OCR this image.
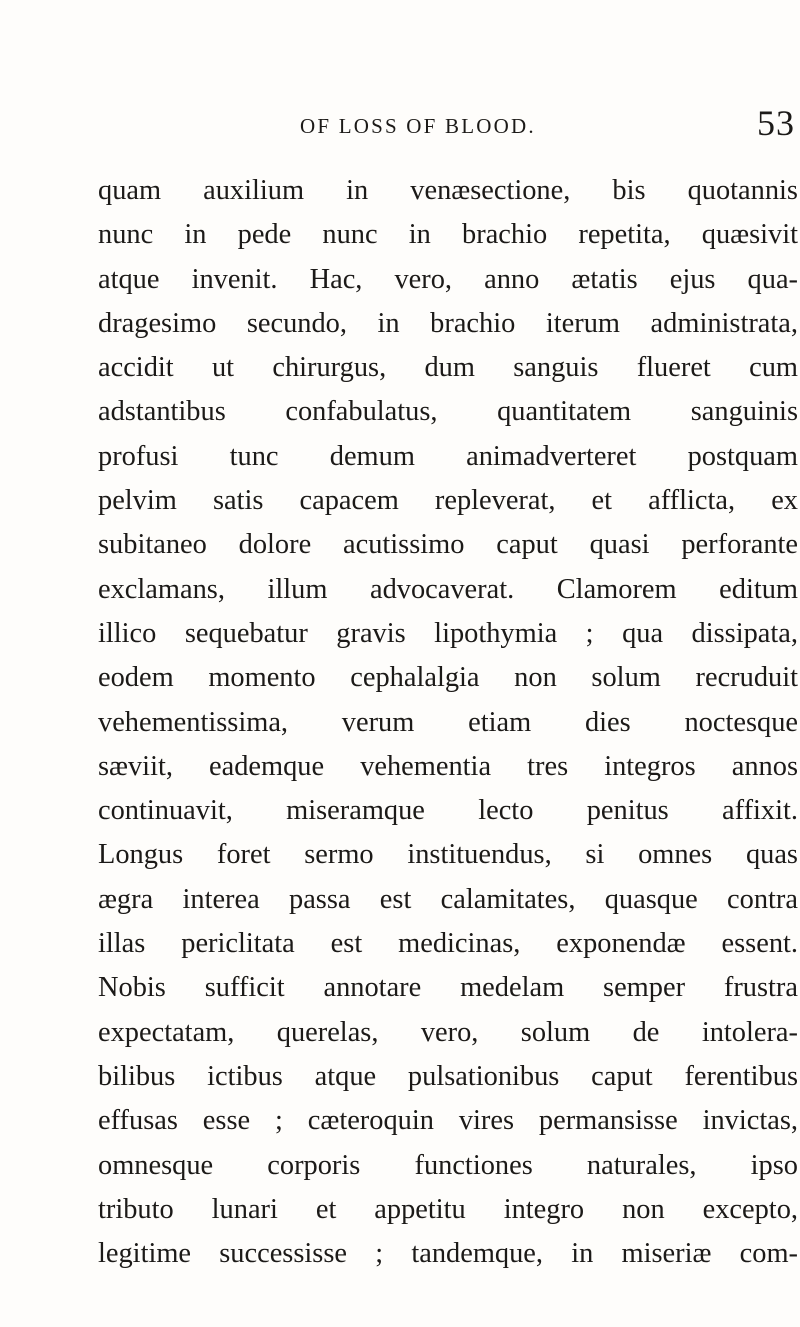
OF LOSS OF BLOOD.	53
quam auxilium in venæsectione, bis quotannis
nunc in pede nunc in brachio repetita, quæsivit
atque invenit. Hac, vero, anno ætatis ejus qua-
dragesimo secundo, in brachio iterum administrata,
accidit ut chirurgus, dum sanguis flueret cum
adstantibus confabulatus, quantitatem sanguinis
profusi tunc demum animadverteret postquam
pelvim satis capacem repleverat, et afflicta, ex
subitaneo dolore acutissimo caput quasi perforante
exclamans, illum advocaverat. Clamorem editum
illico sequebatur gravis lipothymia ; qua dissipata,
eodem momento cephalalgia non solum recruduit
vehementissima, verum etiam dies noctesque
sæviit, eademque vehementia tres integros annos
continuavit, miseramque lecto penitus affixit.
Longus foret sermo instituendus, si omnes quas
ægra interea passa est calamitates, quasque contra
illas periclitata est medicinas, exponendæ essent.
Nobis sufficit annotare medelam semper frustra
expectatam, querelas, vero, solum de intolera-
bilibus ictibus atque pulsationibus caput ferentibus
effusas esse ; cæteroquin vires permansisse invictas,
omnesque corporis functiones naturales, ipso
tributo lunari et appetitu integro non excepto,
legitime successisse ; tandemque, in miseriæ com-
